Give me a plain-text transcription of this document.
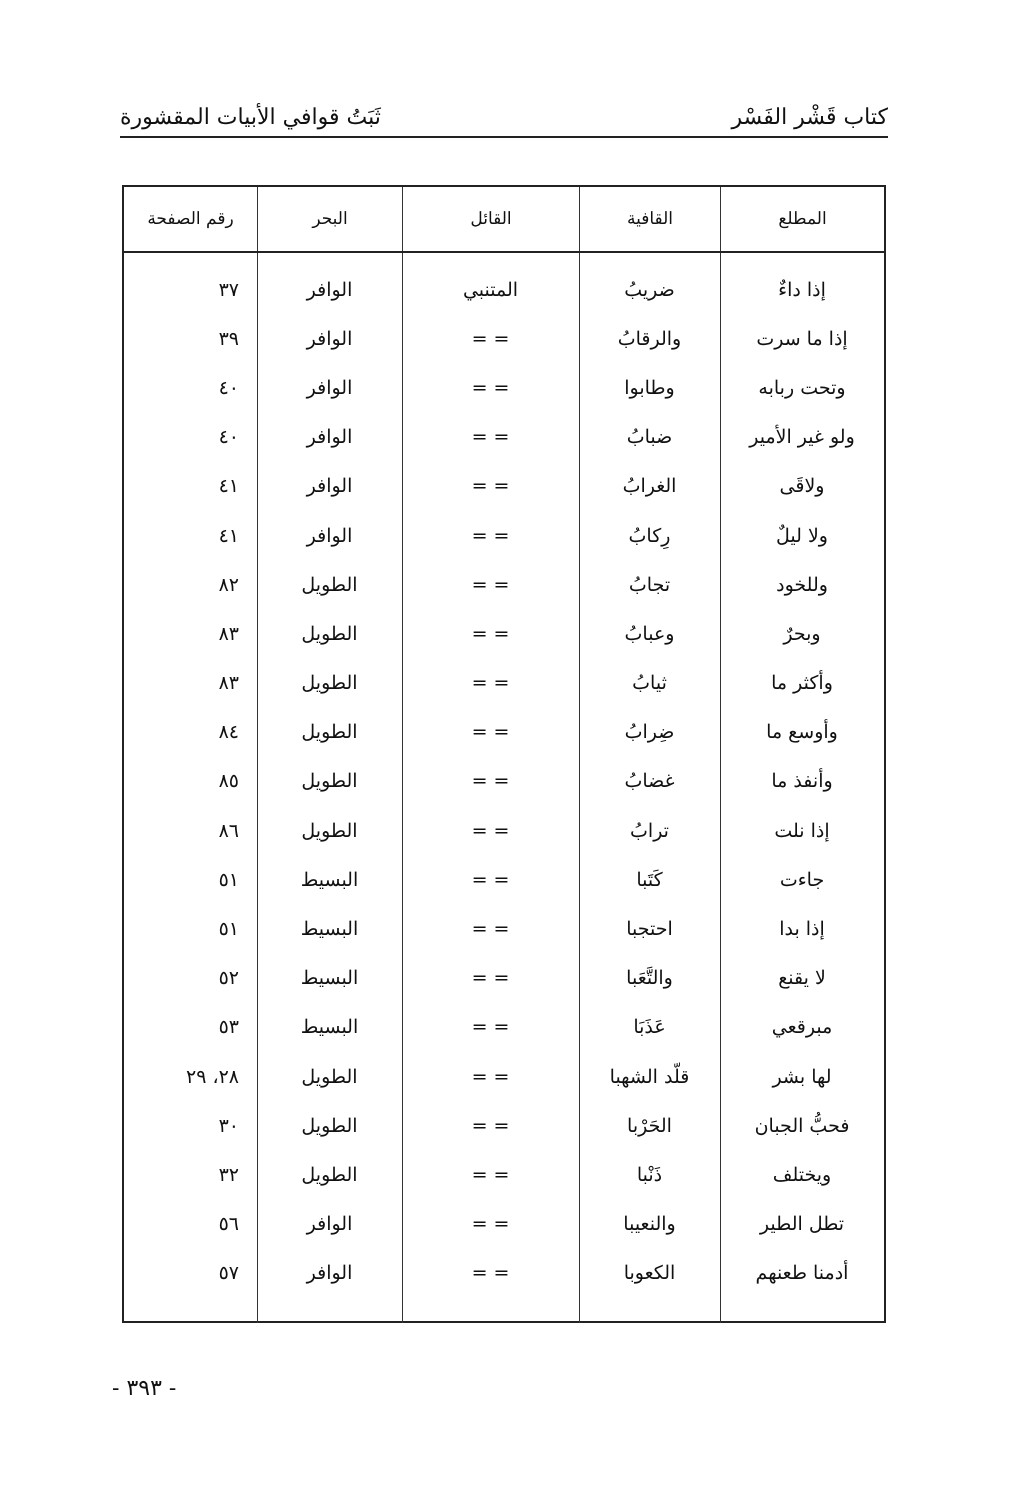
كتاب قَشْر الفَسْر
ثَبَتُ قوافي الأبيات المقشورة
المطلع
القافية
القائل
البحر
رقم الصفحة
إذا داءٌ
ضريبُ
المتنبي
الوافر
٣٧
إذا ما سرت
والرقابُ
= =
الوافر
٣٩
وتحت ربابه
وطابوا
= =
الوافر
٤٠
ولو غير الأمير
ضبابُ
= =
الوافر
٤٠
ولاقَى
الغرابُ
= =
الوافر
٤١
ولا ليلٌ
رِكابُ
= =
الوافر
٤١
وللخود
تجابُ
= =
الطويل
٨٢
وبحرٌ
وعبابُ
= =
الطويل
٨٣
وأكثر ما
ثيابُ
= =
الطويل
٨٣
وأوسع ما
ضِرابُ
= =
الطويل
٨٤
وأنفذ ما
غضابُ
= =
الطويل
٨٥
إذا نلت
ترابُ
= =
الطويل
٨٦
جاءت
كَتَبا
= =
البسيط
٥١
إذا بدا
احتجبا
= =
البسيط
٥١
لا يقنع
والتَّعَبا
= =
البسيط
٥٢
مبرقعي
عَذَبَا
= =
البسيط
٥٣
لها بشر
قلّد الشهبا
= =
الطويل
٢٨، ٢٩
فحبُّ الجبان
الحَرْبا
= =
الطويل
٣٠
ويختلف
ذَنْبا
= =
الطويل
٣٢
تطل الطير
والنعيبا
= =
الوافر
٥٦
أدمنا طعنهم
الكعوبا
= =
الوافر
٥٧
- ٣٩٣ -
